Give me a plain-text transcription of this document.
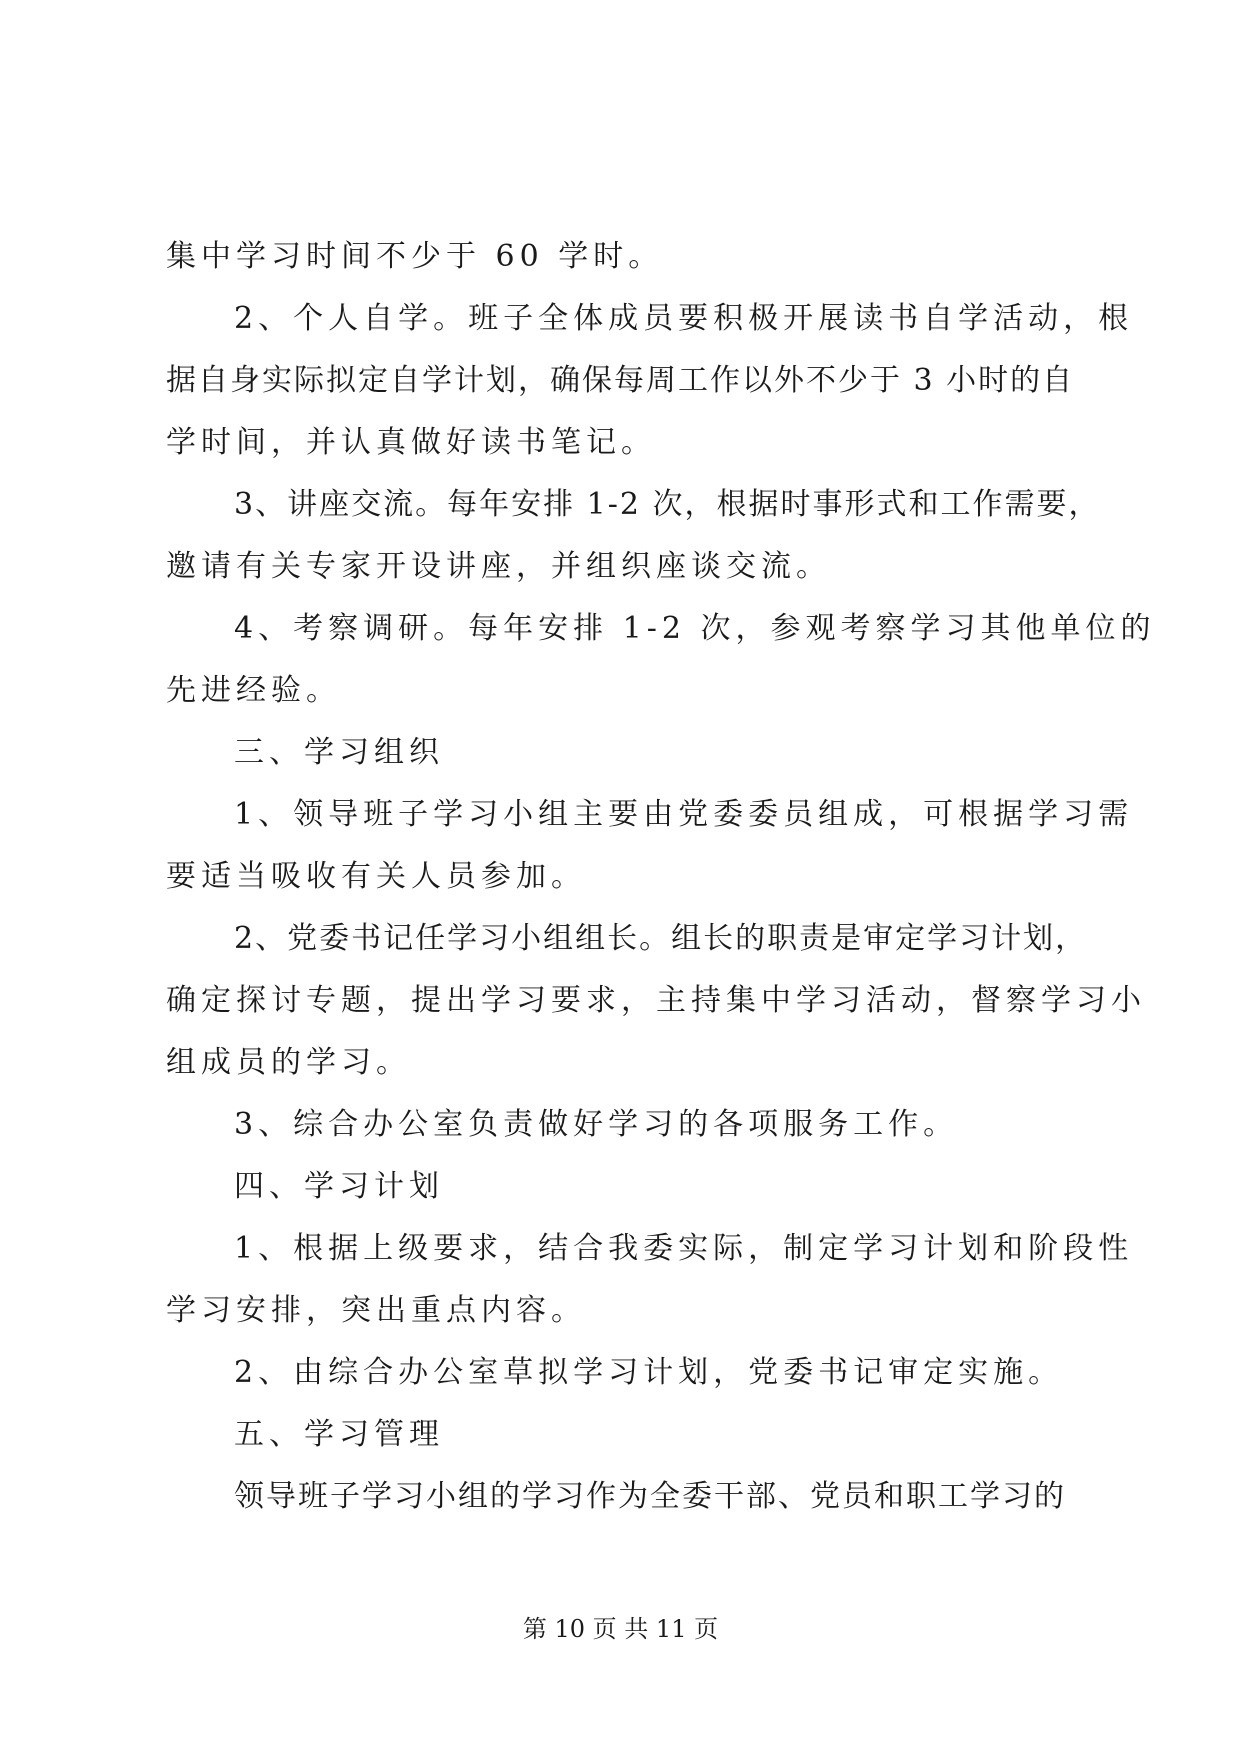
集中学习时间不少于 60 学时。
2、个人自学。班子全体成员要积极开展读书自学活动，根
据自身实际拟定自学计划，确保每周工作以外不少于 3 小时的自
学时间，并认真做好读书笔记。
3、讲座交流。每年安排 1-2 次，根据时事形式和工作需要，
邀请有关专家开设讲座，并组织座谈交流。
4、考察调研。每年安排 1-2 次，参观考察学习其他单位的
先进经验。
三、学习组织
1、领导班子学习小组主要由党委委员组成，可根据学习需
要适当吸收有关人员参加。
2、党委书记任学习小组组长。组长的职责是审定学习计划，
确定探讨专题，提出学习要求，主持集中学习活动，督察学习小
组成员的学习。
3、综合办公室负责做好学习的各项服务工作。
四、学习计划
1、根据上级要求，结合我委实际，制定学习计划和阶段性
学习安排，突出重点内容。
2、由综合办公室草拟学习计划，党委书记审定实施。
五、学习管理
领导班子学习小组的学习作为全委干部、党员和职工学习的
第 10 页 共 11 页
